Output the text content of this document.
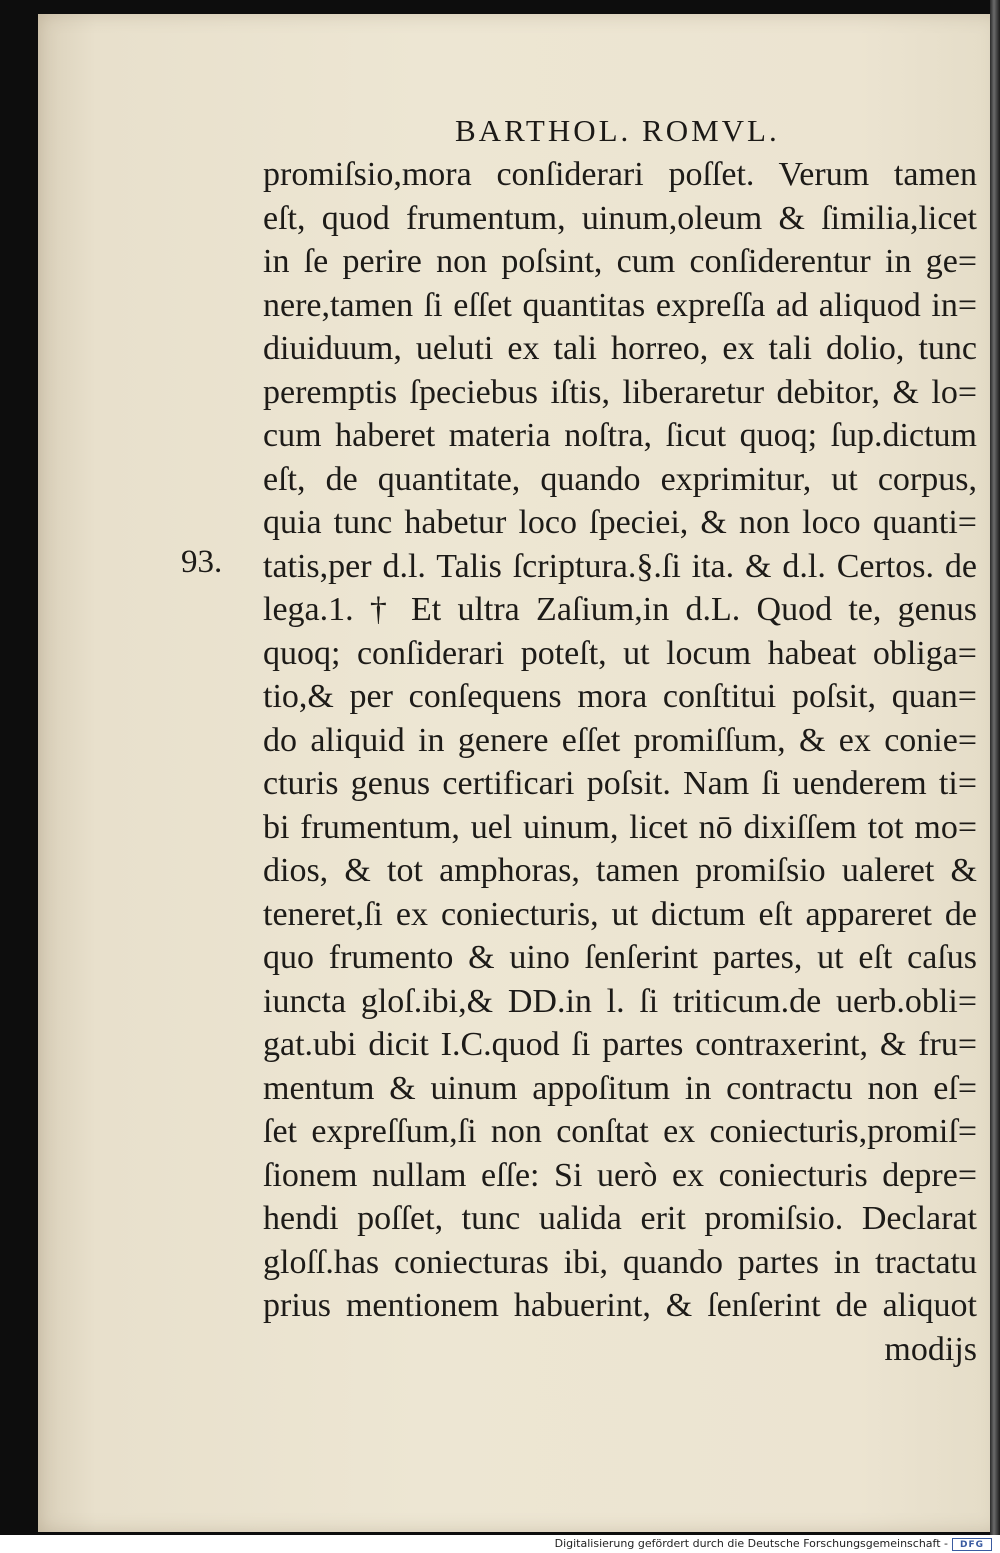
BARTHOL. ROMVL.

93.
promiſsio,mora conſiderari poſſet. Verum tamen
eſt, quod frumentum, uinum,oleum & ſimilia,licet
in ſe perire non poſsint, cum conſiderentur in ge=
nere,tamen ſi eſſet quantitas expreſſa ad aliquod in=
diuiduum, ueluti ex tali horreo, ex tali dolio, tunc
peremptis ſpeciebus iſtis, liberaretur debitor, & lo=
cum haberet materia noſtra, ſicut quoq; ſup.dictum
eſt, de quantitate, quando exprimitur, ut corpus,
quia tunc habetur loco ſpeciei, & non loco quanti=
tatis,per d.l. Talis ſcriptura.§.ſi ita. & d.l. Certos. de
lega.1. † Et ultra Zaſium,in d.L. Quod te, genus
quoq; conſiderari poteſt, ut locum habeat obliga=
tio,& per conſequens mora conſtitui poſsit, quan=
do aliquid in genere eſſet promiſſum, & ex conie=
cturis genus certificari poſsit. Nam ſi uenderem ti=
bi frumentum, uel uinum, licet nō dixiſſem tot mo=
dios, & tot amphoras, tamen promiſsio ualeret &
teneret,ſi ex coniecturis, ut dictum eſt appareret de
quo frumento & uino ſenſerint partes, ut eſt caſus
iuncta gloſ.ibi,& DD.in l. ſi triticum.de uerb.obli=
gat.ubi dicit I.C.quod ſi partes contraxerint, & fru=
mentum & uinum appoſitum in contractu non eſ=
ſet expreſſum,ſi non conſtat ex coniecturis,promiſ=
ſionem nullam eſſe: Si uerò ex coniecturis depre=
hendi poſſet, tunc ualida erit promiſsio. Declarat
gloſſ.has coniecturas ibi, quando partes in tractatu
prius mentionem habuerint, & ſenſerint de aliquot
modijs
Digitalisierung gefördert durch die Deutsche Forschungsgemeinschaft -	DFG
